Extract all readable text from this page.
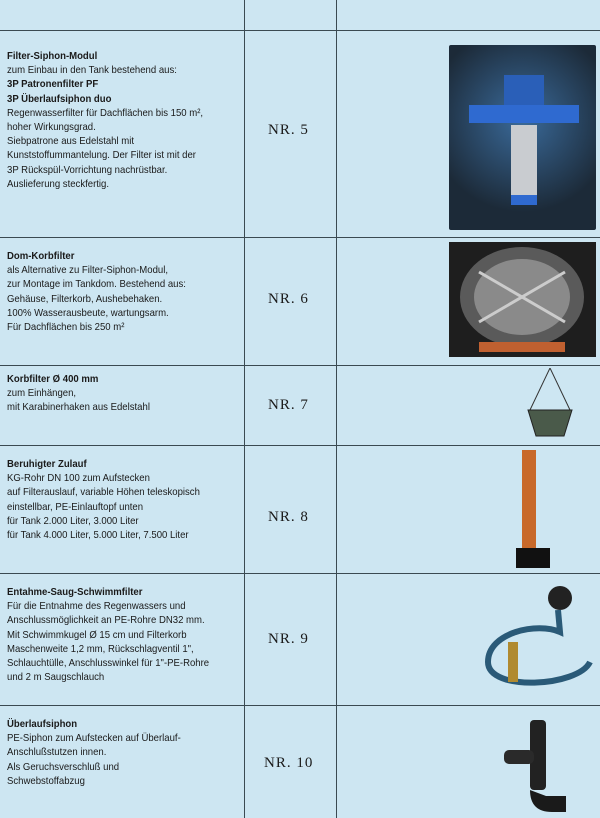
Filter-Siphon-Modul
zum Einbau in den Tank bestehend aus:
3P Patronenfilter PF
3P Überlaufsiphon duo
Regenwasserfilter für Dachflächen bis 150 m²,
hoher Wirkungsgrad.
Siebpatrone aus Edelstahl mit
Kunststoffummantelung. Der Filter ist mit der
3P Rückspül-Vorrichtung nachrüstbar.
Auslieferung steckfertig.
NR. 5
Dom-Korbfilter
als Alternative zu Filter-Siphon-Modul,
zur Montage im Tankdom. Bestehend aus:
Gehäuse, Filterkorb, Aushebehaken.
100% Wasserausbeute, wartungsarm.
Für Dachflächen bis 250 m²
NR. 6
Korbfilter Ø 400 mm
zum Einhängen,
mit Karabinerhaken aus Edelstahl	NR. 7
Beruhigter Zulauf
KG-Rohr DN 100 zum Aufstecken
auf Filterauslauf, variable Höhen teleskopisch
einstellbar, PE-Einlauftopf unten
für Tank 2.000 Liter, 3.000 Liter
für Tank 4.000 Liter, 5.000 Liter, 7.500 Liter
NR. 8
Entahme-Saug-Schwimmfilter
Für die Entnahme des Regenwassers und
Anschlussmöglichkeit an PE-Rohre DN32 mm.
Mit Schwimmkugel Ø 15 cm und Filterkorb
Maschenweite 1,2 mm, Rückschlagventil 1",
Schlauchtülle, Anschlusswinkel für 1"-PE-Rohre
und 2 m Saugschlauch
NR. 9
Überlaufsiphon
PE-Siphon zum Aufstecken auf Überlauf-
Anschlußstutzen innen.
Als Geruchsverschluß und
Schwebstoffabzug
NR. 10
